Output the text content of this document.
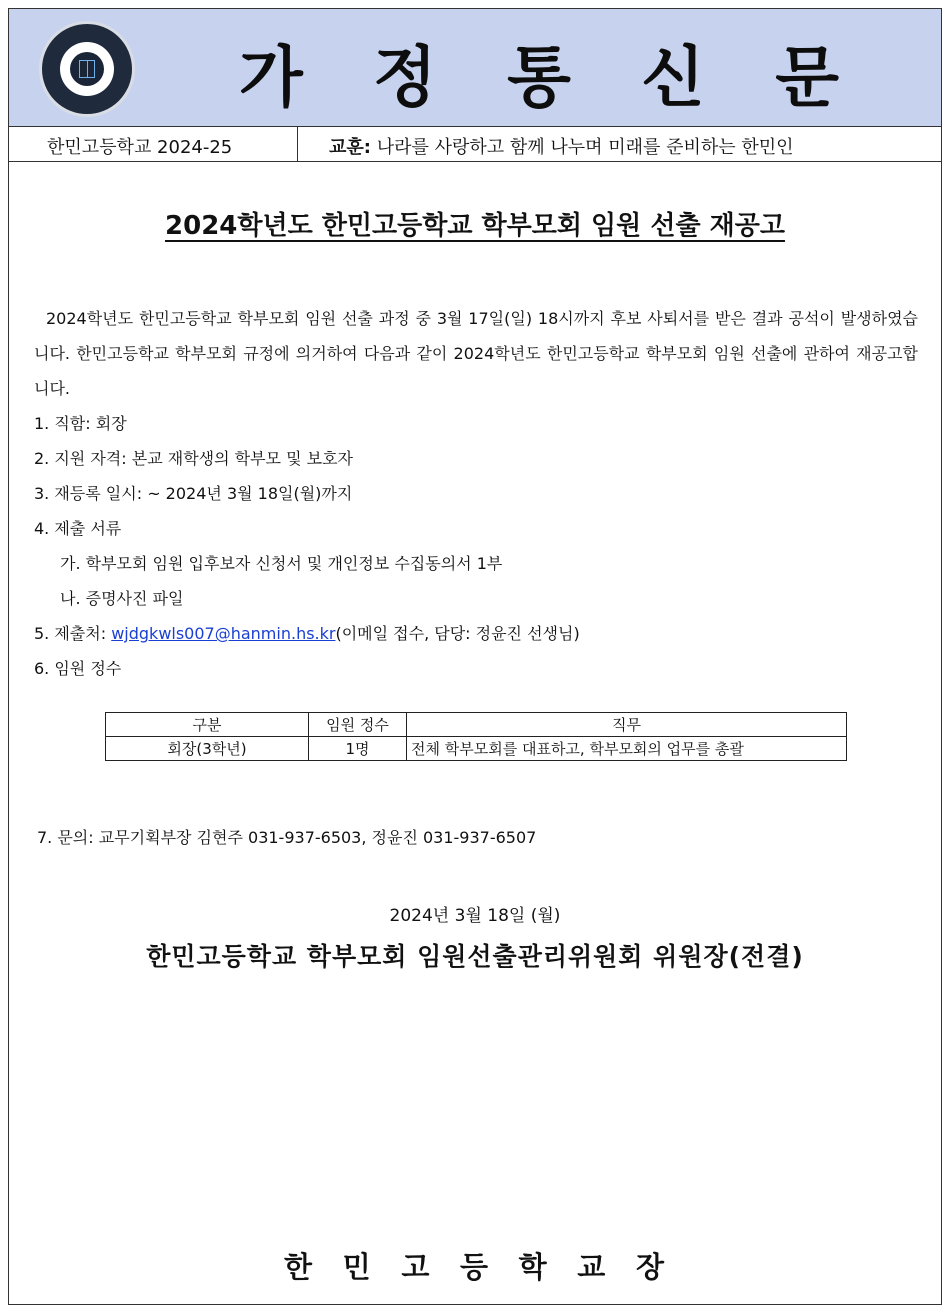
가 정 통 신 문
한민고등학교 2024-25	교훈: 나라를 사랑하고 함께 나누며 미래를 준비하는 한민인
2024학년도 한민고등학교 학부모회 임원 선출 재공고
2024학년도 한민고등학교 학부모회 임원 선출 과정 중 3월 17일(일) 18시까지 후보 사퇴서를 받은 결과 공석이 발생하였습니다. 한민고등학교 학부모회 규정에 의거하여 다음과 같이 2024학년도 한민고등학교 학부모회 임원 선출에 관하여 재공고합니다.
1. 직함: 회장
2. 지원 자격: 본교 재학생의 학부모 및 보호자
3. 재등록 일시: ~ 2024년 3월 18일(월)까지
4. 제출 서류
가. 학부모회 임원 입후보자 신청서 및 개인정보 수집동의서 1부
나. 증명사진 파일
5. 제출처: wjdgkwls007@hanmin.hs.kr(이메일 접수, 담당: 정윤진 선생님)
6. 임원 정수
구분	임원 정수	직무
회장(3학년)	1명	전체 학부모회를 대표하고, 학부모회의 업무를 총괄
7. 문의: 교무기획부장 김현주 031-937-6503, 정윤진 031-937-6507
2024년 3월 18일 (월)
한민고등학교 학부모회 임원선출관리위원회 위원장(전결)
한 민 고 등 학 교 장
